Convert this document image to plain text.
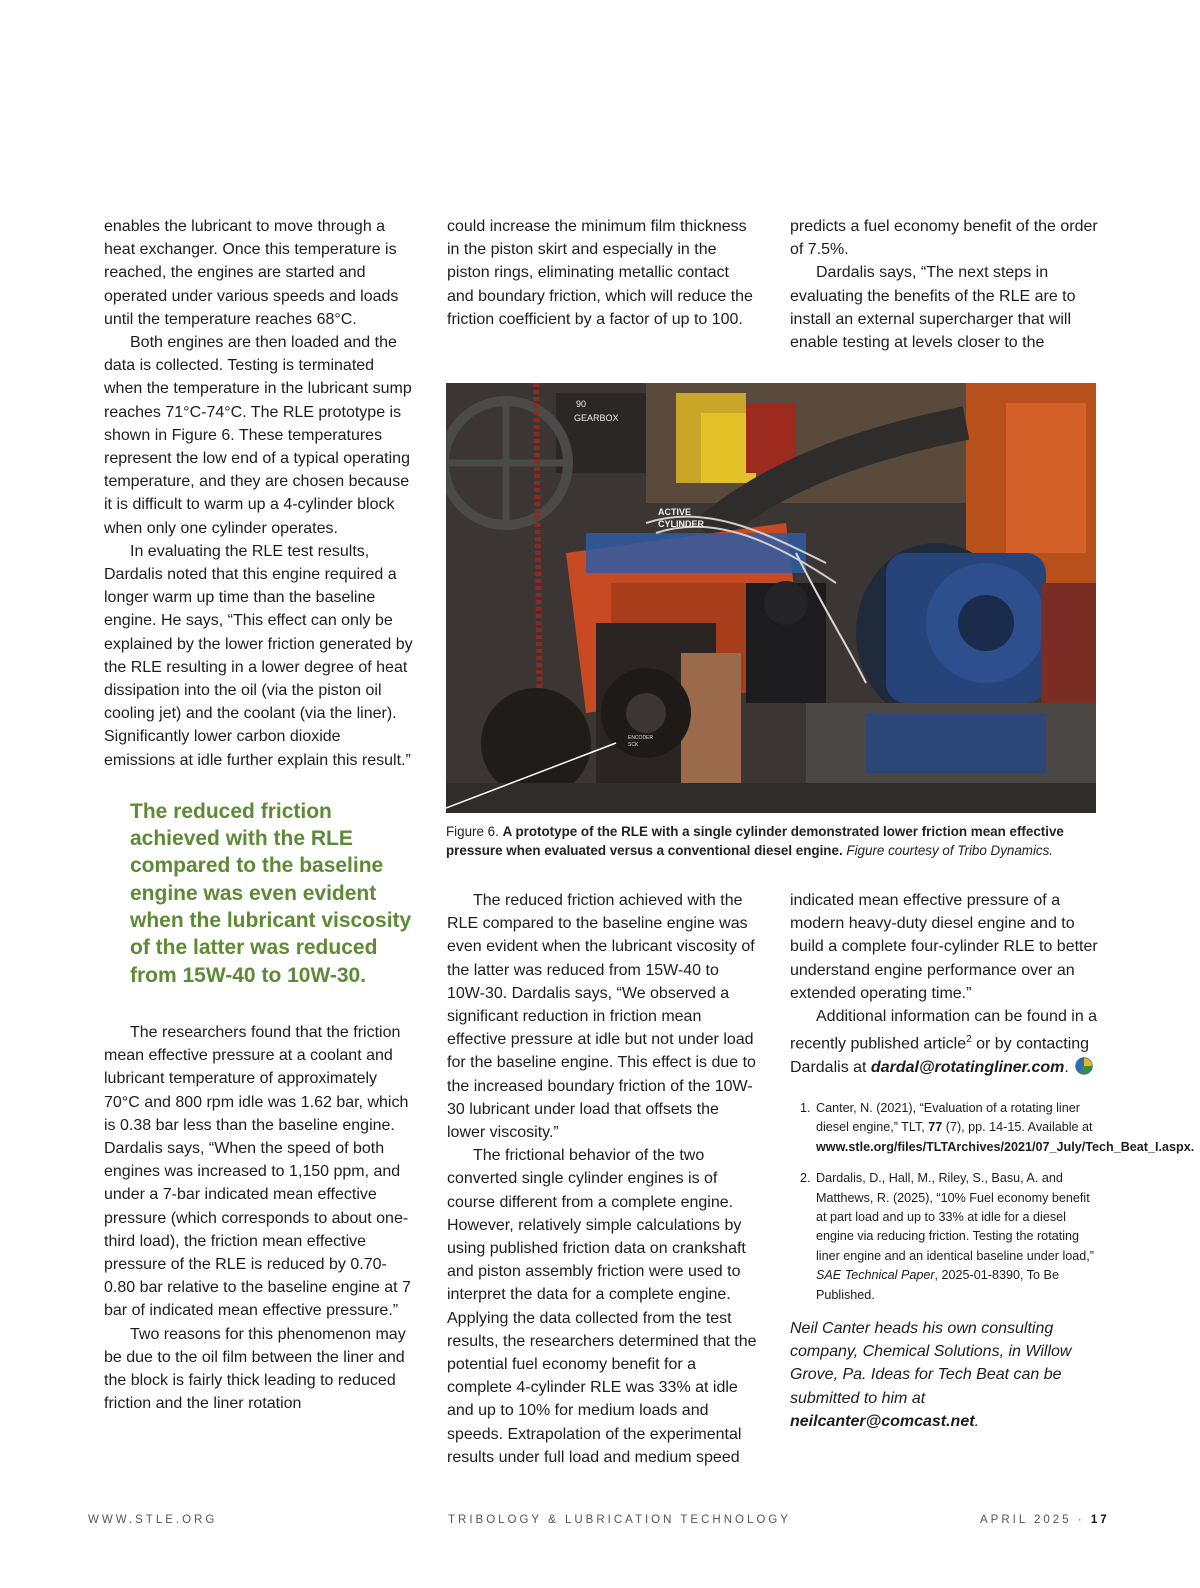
enables the lubricant to move through a heat exchanger. Once this temperature is reached, the engines are started and operated under various speeds and loads until the temperature reaches 68°C.

Both engines are then loaded and the data is collected. Testing is terminated when the temperature in the lubricant sump reaches 71°C-74°C. The RLE prototype is shown in Figure 6. These temperatures represent the low end of a typical operating temperature, and they are chosen because it is difficult to warm up a 4-cylinder block when only one cylinder operates.

In evaluating the RLE test results, Dardalis noted that this engine required a longer warm up time than the baseline engine. He says, “This effect can only be explained by the lower friction generated by the RLE resulting in a lower degree of heat dissipation into the oil (via the piston oil cooling jet) and the coolant (via the liner). Significantly lower carbon dioxide emissions at idle further explain this result.”

The reduced friction achieved with the RLE compared to the baseline engine was even evident when the lubricant viscosity of the latter was reduced from 15W-40 to 10W-30.

The researchers found that the friction mean effective pressure at a coolant and lubricant temperature of approximately 70°C and 800 rpm idle was 1.62 bar, which is 0.38 bar less than the baseline engine. Dardalis says, “When the speed of both engines was increased to 1,150 ppm, and under a 7-bar indicated mean effective pressure (which corresponds to about one-third load), the friction mean effective pressure of the RLE is reduced by 0.70-0.80 bar relative to the baseline engine at 7 bar of indicated mean effective pressure.”

Two reasons for this phenomenon may be due to the oil film between the liner and the block is fairly thick leading to reduced friction and the liner rotation

could increase the minimum film thickness in the piston skirt and especially in the piston rings, eliminating metallic contact and boundary friction, which will reduce the friction coefficient by a factor of up to 100.

predicts a fuel economy benefit of the order of 7.5%.

Dardalis says, “The next steps in evaluating the benefits of the RLE are to install an external supercharger that will enable testing at levels closer to the

90
GEARBOX
ACTIVE
CYLINDER
ENCODER
SCK
Figure 6. A prototype of the RLE with a single cylinder demonstrated lower friction mean effective pressure when evaluated versus a conventional diesel engine. Figure courtesy of Tribo Dynamics.

The reduced friction achieved with the RLE compared to the baseline engine was even evident when the lubricant viscosity of the latter was reduced from 15W-40 to 10W-30. Dardalis says, “We observed a significant reduction in friction mean effective pressure at idle but not under load for the baseline engine. This effect is due to the increased boundary friction of the 10W-30 lubricant under load that offsets the lower viscosity.”

The frictional behavior of the two converted single cylinder engines is of course different from a complete engine. However, relatively simple calculations by using published friction data on crankshaft and piston assembly friction were used to interpret the data for a complete engine. Applying the data collected from the test results, the researchers determined that the potential fuel economy benefit for a complete 4-cylinder RLE was 33% at idle and up to 10% for medium loads and speeds. Extrapolation of the experimental results under full load and medium speed

indicated mean effective pressure of a modern heavy-duty diesel engine and to build a complete four-cylinder RLE to better understand engine performance over an extended operating time.”

Additional information can be found in a recently published article$^2$ or by contacting Dardalis at dardal@rotatingliner.com.

1. Canter, N. (2021), “Evaluation of a rotating liner diesel engine,” TLT, 77 (7), pp. 14-15. Available at www.stle.org/files/TLTArchives/2021/07_July/Tech_Beat_I.aspx.
2. Dardalis, D., Hall, M., Riley, S., Basu, A. and Matthews, R. (2025), “10% Fuel economy benefit at part load and up to 33% at idle for a diesel engine via reducing friction. Testing the rotating liner engine and an identical baseline under load,” SAE Technical Paper, 2025-01-8390, To Be Published.

Neil Canter heads his own consulting company, Chemical Solutions, in Willow Grove, Pa. Ideas for Tech Beat can be submitted to him at neilcanter@comcast.net.

WWW.STLE.ORG	TRIBOLOGY & LUBRICATION TECHNOLOGY	APRIL 2025 · 17
